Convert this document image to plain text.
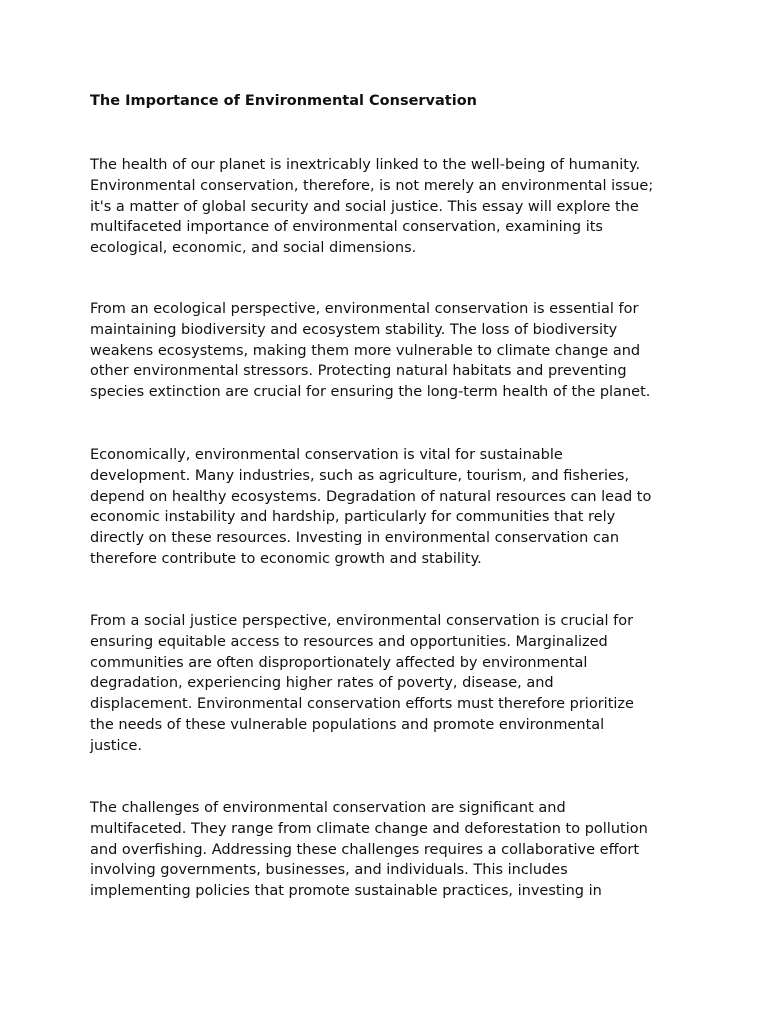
The Importance of Environmental Conservation

The health of our planet is inextricably linked to the well-being of humanity.
Environmental conservation, therefore, is not merely an environmental issue;
it's a matter of global security and social justice. This essay will explore the
multifaceted importance of environmental conservation, examining its
ecological, economic, and social dimensions.

From an ecological perspective, environmental conservation is essential for
maintaining biodiversity and ecosystem stability. The loss of biodiversity
weakens ecosystems, making them more vulnerable to climate change and
other environmental stressors. Protecting natural habitats and preventing
species extinction are crucial for ensuring the long-term health of the planet.

Economically, environmental conservation is vital for sustainable
development. Many industries, such as agriculture, tourism, and fisheries,
depend on healthy ecosystems. Degradation of natural resources can lead to
economic instability and hardship, particularly for communities that rely
directly on these resources. Investing in environmental conservation can
therefore contribute to economic growth and stability.

From a social justice perspective, environmental conservation is crucial for
ensuring equitable access to resources and opportunities. Marginalized
communities are often disproportionately affected by environmental
degradation, experiencing higher rates of poverty, disease, and
displacement. Environmental conservation efforts must therefore prioritize
the needs of these vulnerable populations and promote environmental
justice.

The challenges of environmental conservation are significant and
multifaceted. They range from climate change and deforestation to pollution
and overfishing. Addressing these challenges requires a collaborative effort
involving governments, businesses, and individuals. This includes
implementing policies that promote sustainable practices, investing in
